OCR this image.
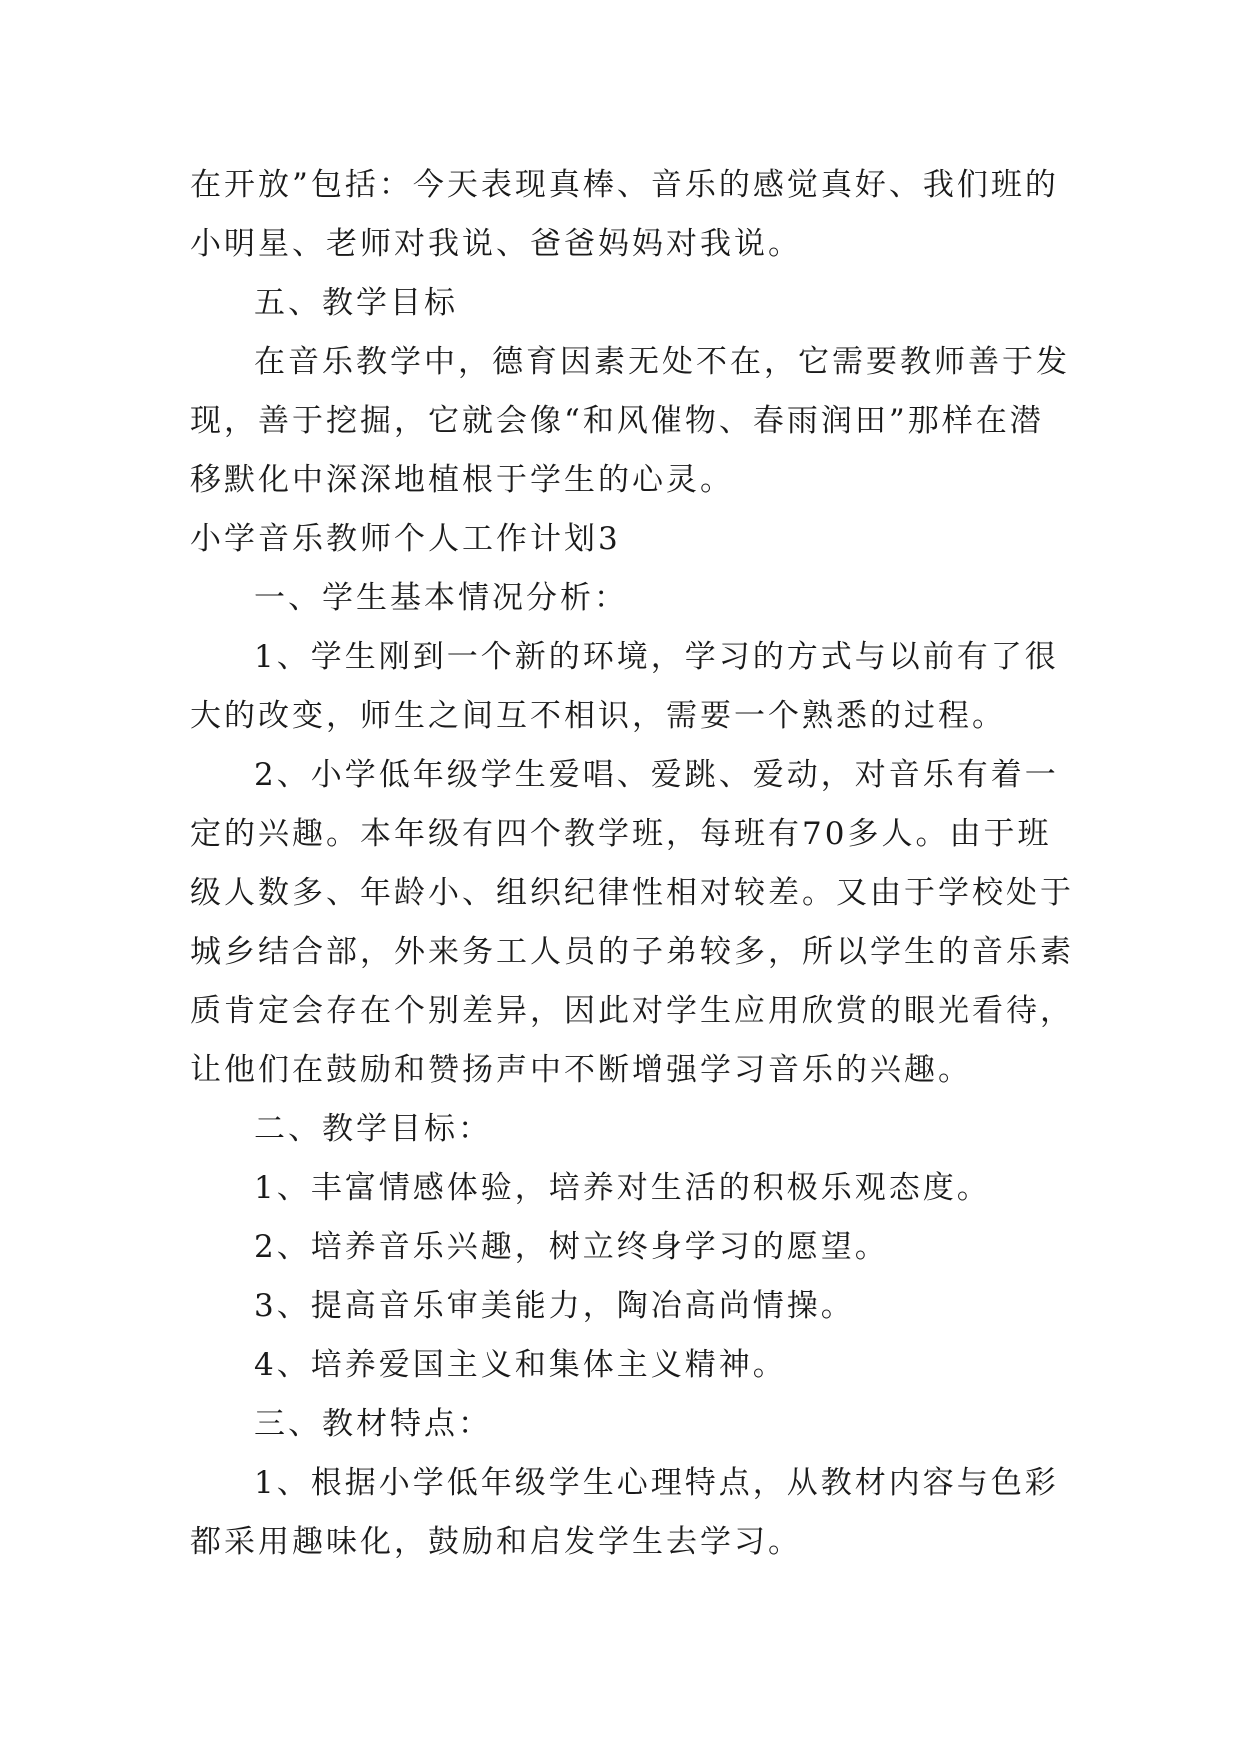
在开放”包括：今天表现真棒、音乐的感觉真好、我们班的
小明星、老师对我说、爸爸妈妈对我说。
五、教学目标
在音乐教学中，德育因素无处不在，它需要教师善于发
现，善于挖掘，它就会像“和风催物、春雨润田”那样在潜
移默化中深深地植根于学生的心灵。
小学音乐教师个人工作计划3
一、学生基本情况分析：
1、学生刚到一个新的环境，学习的方式与以前有了很
大的改变，师生之间互不相识，需要一个熟悉的过程。
2、小学低年级学生爱唱、爱跳、爱动，对音乐有着一
定的兴趣。本年级有四个教学班，每班有70多人。由于班
级人数多、年龄小、组织纪律性相对较差。又由于学校处于
城乡结合部，外来务工人员的子弟较多，所以学生的音乐素
质肯定会存在个别差异，因此对学生应用欣赏的眼光看待，
让他们在鼓励和赞扬声中不断增强学习音乐的兴趣。
二、教学目标：
1、丰富情感体验，培养对生活的积极乐观态度。
2、培养音乐兴趣，树立终身学习的愿望。
3、提高音乐审美能力，陶冶高尚情操。
4、培养爱国主义和集体主义精神。
三、教材特点：
1、根据小学低年级学生心理特点，从教材内容与色彩
都采用趣味化，鼓励和启发学生去学习。
